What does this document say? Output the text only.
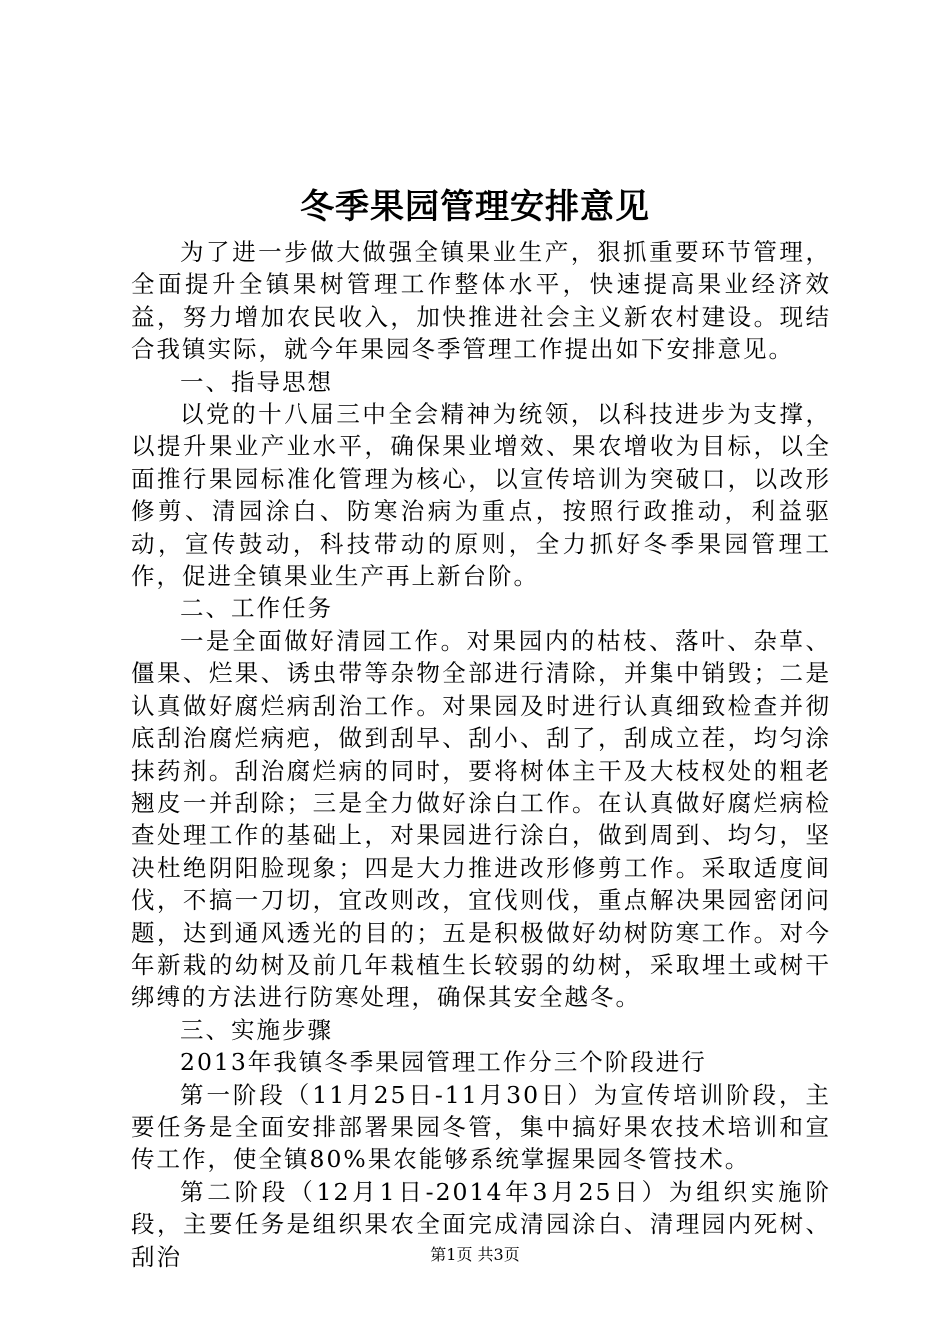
冬季果园管理安排意见

为了进一步做大做强全镇果业生产，狠抓重要环节管理，全面提升全镇果树管理工作整体水平，快速提高果业经济效益，努力增加农民收入，加快推进社会主义新农村建设。现结合我镇实际，就今年果园冬季管理工作提出如下安排意见。

一、指导思想

以党的十八届三中全会精神为统领，以科技进步为支撑，以提升果业产业水平，确保果业增效、果农增收为目标，以全面推行果园标准化管理为核心，以宣传培训为突破口，以改形修剪、清园涂白、防寒治病为重点，按照行政推动，利益驱动，宣传鼓动，科技带动的原则，全力抓好冬季果园管理工作，促进全镇果业生产再上新台阶。

二、工作任务

一是全面做好清园工作。对果园内的枯枝、落叶、杂草、僵果、烂果、诱虫带等杂物全部进行清除，并集中销毁；二是认真做好腐烂病刮治工作。对果园及时进行认真细致检查并彻底刮治腐烂病疤，做到刮早、刮小、刮了，刮成立茬，均匀涂抹药剂。刮治腐烂病的同时，要将树体主干及大枝杈处的粗老翘皮一并刮除；三是全力做好涂白工作。在认真做好腐烂病检查处理工作的基础上，对果园进行涂白，做到周到、均匀，坚决杜绝阴阳脸现象；四是大力推进改形修剪工作。采取适度间伐，不搞一刀切，宜改则改，宜伐则伐，重点解决果园密闭问题，达到通风透光的目的；五是积极做好幼树防寒工作。对今年新栽的幼树及前几年栽植生长较弱的幼树，采取埋土或树干绑缚的方法进行防寒处理，确保其安全越冬。

三、实施步骤

2013年我镇冬季果园管理工作分三个阶段进行

第一阶段（11月25日-11月30日）为宣传培训阶段，主要任务是全面安排部署果园冬管，集中搞好果农技术培训和宣传工作，使全镇80%果农能够系统掌握果园冬管技术。

第二阶段（12月1日-2014年3月25日）为组织实施阶段，主要任务是组织果农全面完成清园涂白、清理园内死树、刮治	第1页 共3页
